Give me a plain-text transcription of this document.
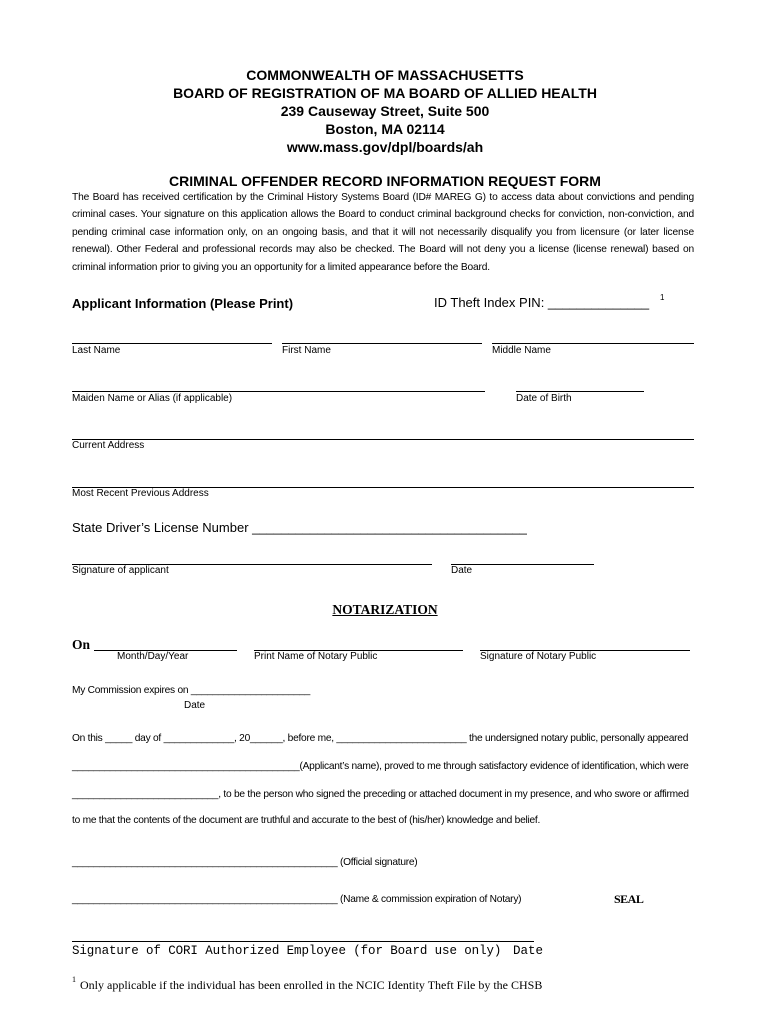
COMMONWEALTH OF MASSACHUSETTS
BOARD OF REGISTRATION OF MA BOARD OF ALLIED HEALTH
239 Causeway Street, Suite 500
Boston, MA 02114
www.mass.gov/dpl/boards/ah
CRIMINAL OFFENDER RECORD INFORMATION REQUEST FORM
The Board has received certification by the Criminal History Systems Board (ID# MAREG G) to access data about convictions and pending criminal cases. Your signature on this application allows the Board to conduct criminal background checks for conviction, non-conviction, and pending criminal case information only, on an ongoing basis, and that it will not necessarily disqualify you from licensure (or later license renewal). Other Federal and professional records may also be checked. The Board will not deny you a license (license renewal) based on criminal information prior to giving you an opportunity for a limited appearance before the Board.
Applicant Information (Please Print)	ID Theft Index PIN: ______________ 1
Last Name	First Name	Middle Name
Maiden Name or Alias (if applicable)	Date of Birth
Current Address
Most Recent Previous Address
State Driver’s License Number ______________________________________
Signature of applicant	Date
NOTARIZATION
On
Month/Day/Year	Print Name of Notary Public	Signature of Notary Public
My Commission expires on ______________________
Date
On this _____ day of _____________, 20______, before me, ________________________ the undersigned notary public, personally appeared
__________________________________________(Applicant’s name), proved to me through satisfactory evidence of identification, which were
___________________________, to be the person who signed the preceding or attached document in my presence, and who swore or affirmed
to me that the contents of the document are truthful and accurate to the best of (his/her) knowledge and belief.
_________________________________________________ (Official signature)
_________________________________________________ (Name & commission expiration of Notary)	SEAL
Signature of CORI Authorized Employee (for Board use only) Date
1 Only applicable if the individual has been enrolled in the NCIC Identity Theft File by the CHSB
